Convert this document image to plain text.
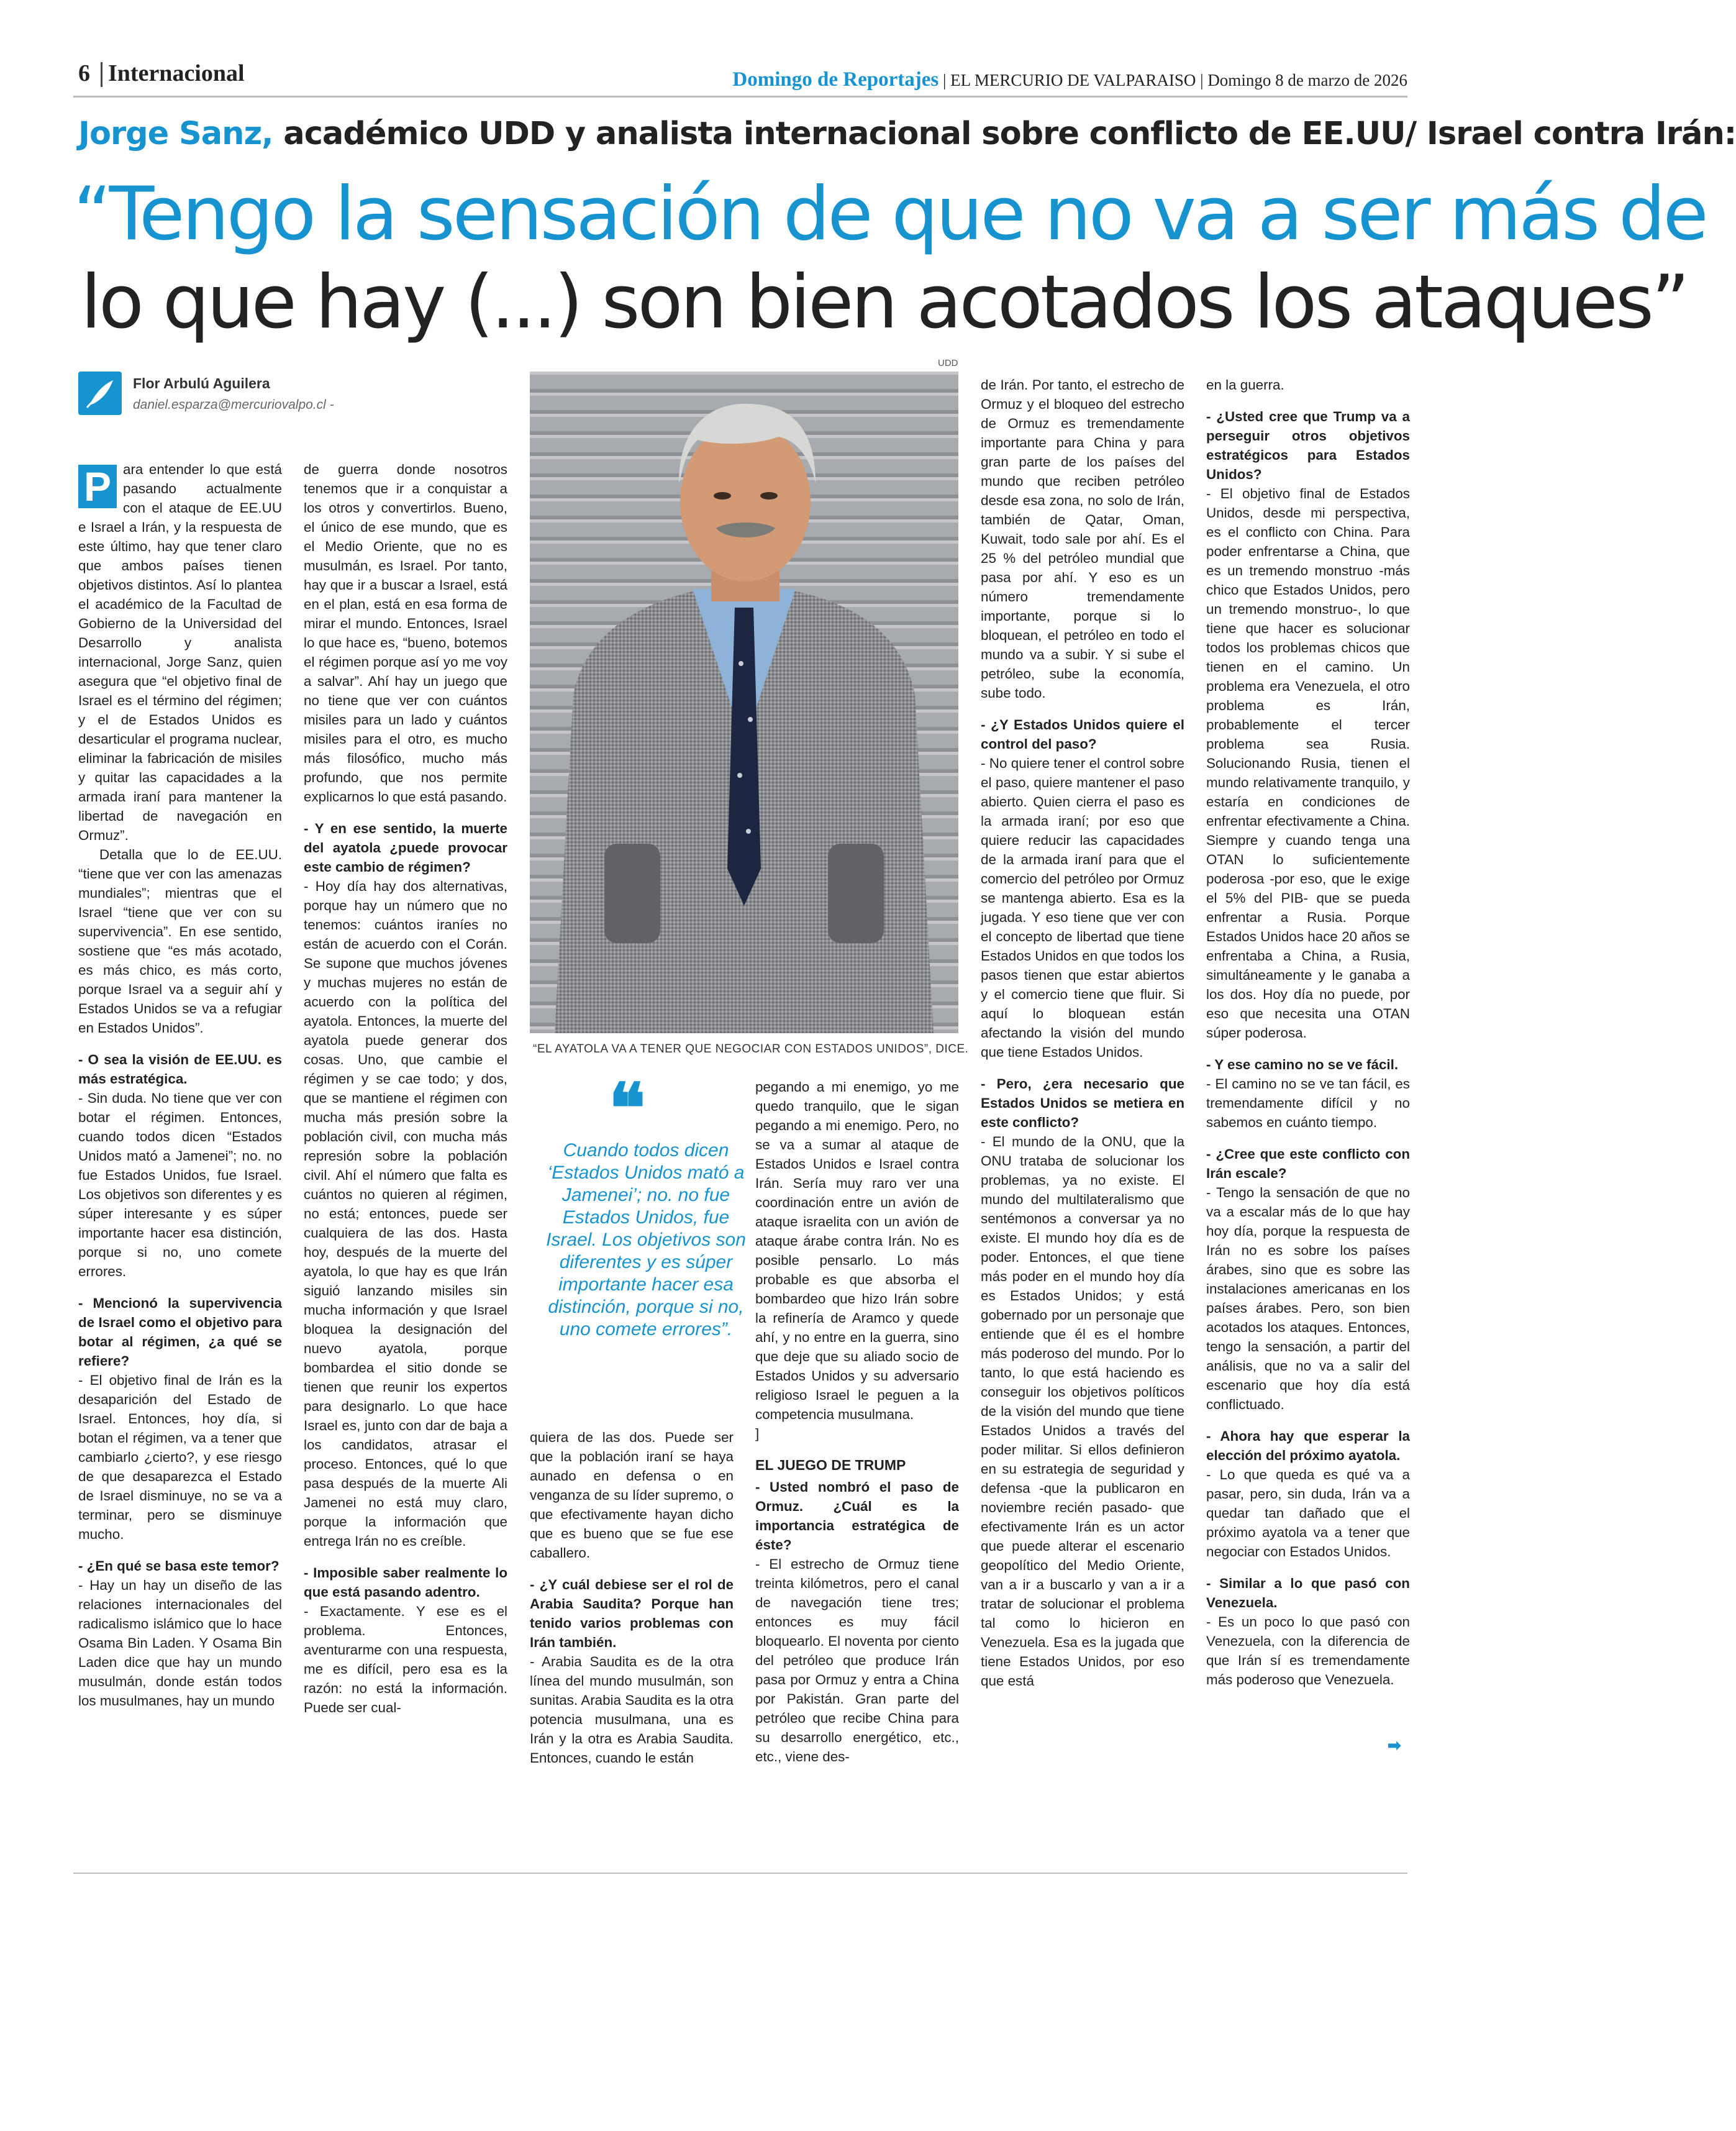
6 Internacional	Domingo de Reportajes | EL MERCURIO DE VALPARAISO | Domingo 8 de marzo de 2026
Jorge Sanz, académico UDD y analista internacional sobre conflicto de EE.UU/ Israel contra Irán:
“Tengo la sensación de que no va a ser más de
lo que hay (...) son bien acotados los ataques”
Flor Arbulú Aguilera
daniel.esparza@mercuriovalpo.cl -
P ara entender lo que está pasando actualmente con el ataque de EE.UU e Israel a Irán, y la respuesta de este último, hay que tener claro que ambos países tienen objetivos distintos. Así lo plantea el académico de la Facultad de Gobierno de la Universidad del Desarrollo y analista internacional, Jorge Sanz, quien asegura que “el objetivo final de Israel es el término del régimen; y el de Estados Unidos es desarticular el programa nuclear, eliminar la fabricación de misiles y quitar las capacidades a la armada iraní para mantener la libertad de navegación en Ormuz”.

Detalla que lo de EE.UU. “tiene que ver con las amenazas mundiales”; mientras que el Israel “tiene que ver con su supervivencia”. En ese sentido, sostiene que “es más acotado, es más chico, es más corto, porque Israel va a seguir ahí y Estados Unidos se va a refugiar en Estados Unidos”.

- O sea la visión de EE.UU. es más estratégica.

- Sin duda. No tiene que ver con botar el régimen. Entonces, cuando todos dicen “Estados Unidos mató a Jamenei”; no. no fue Estados Unidos, fue Israel. Los objetivos son diferentes y es súper interesante y es súper importante hacer esa distinción, porque si no, uno comete errores.

- Mencionó la supervivencia de Israel como el objetivo para botar al régimen, ¿a qué se refiere?

- El objetivo final de Irán es la desaparición del Estado de Israel. Entonces, hoy día, si botan el régimen, va a tener que cambiarlo ¿cierto?, y ese riesgo de que desaparezca el Estado de Israel disminuye, no se va a terminar, pero se disminuye mucho.

- ¿En qué se basa este temor?

- Hay un hay un diseño de las relaciones internacionales del radicalismo islámico que lo hace Osama Bin Laden. Y Osama Bin Laden dice que hay un mundo musulmán, donde están todos los musulmanes, hay un mundo

de guerra donde nosotros tenemos que ir a conquistar a los otros y convertirlos. Bueno, el único de ese mundo, que es el Medio Oriente, que no es musulmán, es Israel. Por tanto, hay que ir a buscar a Israel, está en el plan, está en esa forma de mirar el mundo. Entonces, Israel lo que hace es, “bueno, botemos el régimen porque así yo me voy a salvar”. Ahí hay un juego que no tiene que ver con cuántos misiles para un lado y cuántos misiles para el otro, es mucho más filosófico, mucho más profundo, que nos permite explicarnos lo que está pasando.

- Y en ese sentido, la muerte del ayatola ¿puede provocar este cambio de régimen?

- Hoy día hay dos alternativas, porque hay un número que no tenemos: cuántos iraníes no están de acuerdo con el Corán. Se supone que muchos jóvenes y muchas mujeres no están de acuerdo con la política del ayatola. Entonces, la muerte del ayatola puede generar dos cosas. Uno, que cambie el régimen y se cae todo; y dos, que se mantiene el régimen con mucha más presión sobre la población civil, con mucha más represión sobre la población civil. Ahí el número que falta es cuántos no quieren al régimen, no está; entonces, puede ser cualquiera de las dos. Hasta hoy, después de la muerte del ayatola, lo que hay es que Irán siguió lanzando misiles sin mucha información y que Israel bloquea la designación del nuevo ayatola, porque bombardea el sitio donde se tienen que reunir los expertos para designarlo. Lo que hace Israel es, junto con dar de baja a los candidatos, atrasar el proceso. Entonces, qué lo que pasa después de la muerte Ali Jamenei no está muy claro, porque la información que entrega Irán no es creíble.

- Imposible saber realmente lo que está pasando adentro.

- Exactamente. Y ese es el problema. Entonces, aventurarme con una respuesta, me es difícil, pero esa es la razón: no está la información. Puede ser cual-

UDD
“EL AYATOLA VA A TENER QUE NEGOCIAR CON ESTADOS UNIDOS”, DICE.
❝
Cuando todos dicen ‘Estados Unidos mató a Jamenei’; no. no fue Estados Unidos, fue Israel. Los objetivos son diferentes y es súper importante hacer esa distinción, porque si no, uno comete errores”.

quiera de las dos. Puede ser que la población iraní se haya aunado en defensa o en venganza de su líder supremo, o que efectivamente hayan dicho que es bueno que se fue ese caballero.

- ¿Y cuál debiese ser el rol de Arabia Saudita? Porque han tenido varios problemas con Irán también.

- Arabia Saudita es de la otra línea del mundo musulmán, son sunitas. Arabia Saudita es la otra potencia musulmana, una es Irán y la otra es Arabia Saudita. Entonces, cuando le están

pegando a mi enemigo, yo me quedo tranquilo, que le sigan pegando a mi enemigo. Pero, no se va a sumar al ataque de Estados Unidos e Israel contra Irán. Sería muy raro ver una coordinación entre un avión de ataque israelita con un avión de ataque árabe contra Irán. No es posible pensarlo. Lo más probable es que absorba el bombardeo que hizo Irán sobre la refinería de Aramco y quede ahí, y no entre en la guerra, sino que deje que su aliado socio de Estados Unidos y su adversario religioso Israel le peguen a la competencia musulmana.

]

EL JUEGO DE TRUMP

- Usted nombró el paso de Ormuz. ¿Cuál es la importancia estratégica de éste?

- El estrecho de Ormuz tiene treinta kilómetros, pero el canal de navegación tiene tres; entonces es muy fácil bloquearlo. El noventa por ciento del petróleo que produce Irán pasa por Ormuz y entra a China por Pakistán. Gran parte del petróleo que recibe China para su desarrollo energético, etc., etc., viene des-

de Irán. Por tanto, el estrecho de Ormuz y el bloqueo del estrecho de Ormuz es tremendamente importante para China y para gran parte de los países del mundo que reciben petróleo desde esa zona, no solo de Irán, también de Qatar, Oman, Kuwait, todo sale por ahí. Es el 25 % del petróleo mundial que pasa por ahí. Y eso es un número tremendamente importante, porque si lo bloquean, el petróleo en todo el mundo va a subir. Y si sube el petróleo, sube la economía, sube todo.

- ¿Y Estados Unidos quiere el control del paso?

- No quiere tener el control sobre el paso, quiere mantener el paso abierto. Quien cierra el paso es la armada iraní; por eso que quiere reducir las capacidades de la armada iraní para que el comercio del petróleo por Ormuz se mantenga abierto. Esa es la jugada. Y eso tiene que ver con el concepto de libertad que tiene Estados Unidos en que todos los pasos tienen que estar abiertos y el comercio tiene que fluir. Si aquí lo bloquean están afectando la visión del mundo que tiene Estados Unidos.

- Pero, ¿era necesario que Estados Unidos se metiera en este conflicto?

- El mundo de la ONU, que la ONU trataba de solucionar los problemas, ya no existe. El mundo del multilateralismo que sentémonos a conversar ya no existe. El mundo hoy día es de poder. Entonces, el que tiene más poder en el mundo hoy día es Estados Unidos; y está gobernado por un personaje que entiende que él es el hombre más poderoso del mundo. Por lo tanto, lo que está haciendo es conseguir los objetivos políticos de la visión del mundo que tiene Estados Unidos a través del poder militar. Si ellos definieron en su estrategia de seguridad y defensa -que la publicaron en noviembre recién pasado- que efectivamente Irán es un actor que puede alterar el escenario geopolítico del Medio Oriente, van a ir a buscarlo y van a ir a tratar de solucionar el problema tal como lo hicieron en Venezuela. Esa es la jugada que tiene Estados Unidos, por eso que está

en la guerra.

- ¿Usted cree que Trump va a perseguir otros objetivos estratégicos para Estados Unidos?

- El objetivo final de Estados Unidos, desde mi perspectiva, es el conflicto con China. Para poder enfrentarse a China, que es un tremendo monstruo -más chico que Estados Unidos, pero un tremendo monstruo-, lo que tiene que hacer es solucionar todos los problemas chicos que tienen en el camino. Un problema era Venezuela, el otro problema es Irán, probablemente el tercer problema sea Rusia. Solucionando Rusia, tienen el mundo relativamente tranquilo, y estaría en condiciones de enfrentar efectivamente a China. Siempre y cuando tenga una OTAN lo suficientemente poderosa -por eso, que le exige el 5% del PIB- que se pueda enfrentar a Rusia. Porque Estados Unidos hace 20 años se enfrentaba a China, a Rusia, simultáneamente y le ganaba a los dos. Hoy día no puede, por eso que necesita una OTAN súper poderosa.

- Y ese camino no se ve fácil.

- El camino no se ve tan fácil, es tremendamente difícil y no sabemos en cuánto tiempo.

- ¿Cree que este conflicto con Irán escale?

- Tengo la sensación de que no va a escalar más de lo que hay hoy día, porque la respuesta de Irán no es sobre los países árabes, sino que es sobre las instalaciones americanas en los países árabes. Pero, son bien acotados los ataques. Entonces, tengo la sensación, a partir del análisis, que no va a salir del escenario que hoy día está conflictuado.

- Ahora hay que esperar la elección del próximo ayatola.

- Lo que queda es qué va a pasar, pero, sin duda, Irán va a quedar tan dañado que el próximo ayatola va a tener que negociar con Estados Unidos.

- Similar a lo que pasó con Venezuela.

- Es un poco lo que pasó con Venezuela, con la diferencia de que Irán sí es tremendamente más poderoso que Venezuela.

➡
